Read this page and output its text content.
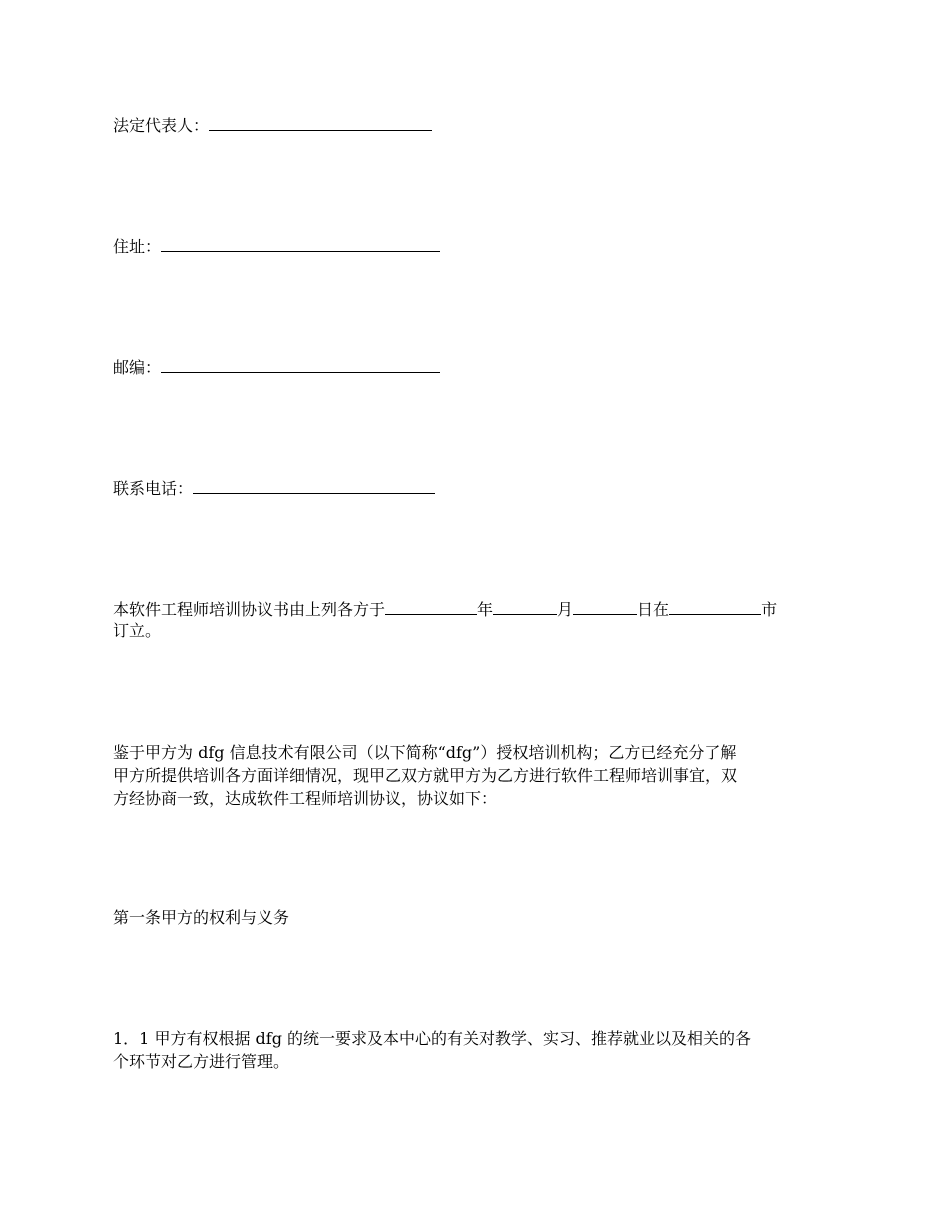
法定代表人：
住址：
邮编：
联系电话：
本软件工程师培训协议书由上列各方于	年	月	日在	市
订立。
鉴于甲方为 dfg 信息技术有限公司（以下简称“dfg”）授权培训机构；乙方已经充分了解
甲方所提供培训各方面详细情况，现甲乙双方就甲方为乙方进行软件工程师培训事宜，双
方经协商一致，达成软件工程师培训协议，协议如下：
第一条甲方的权利与义务
1．1 甲方有权根据 dfg 的统一要求及本中心的有关对教学、实习、推荐就业以及相关的各
个环节对乙方进行管理。
